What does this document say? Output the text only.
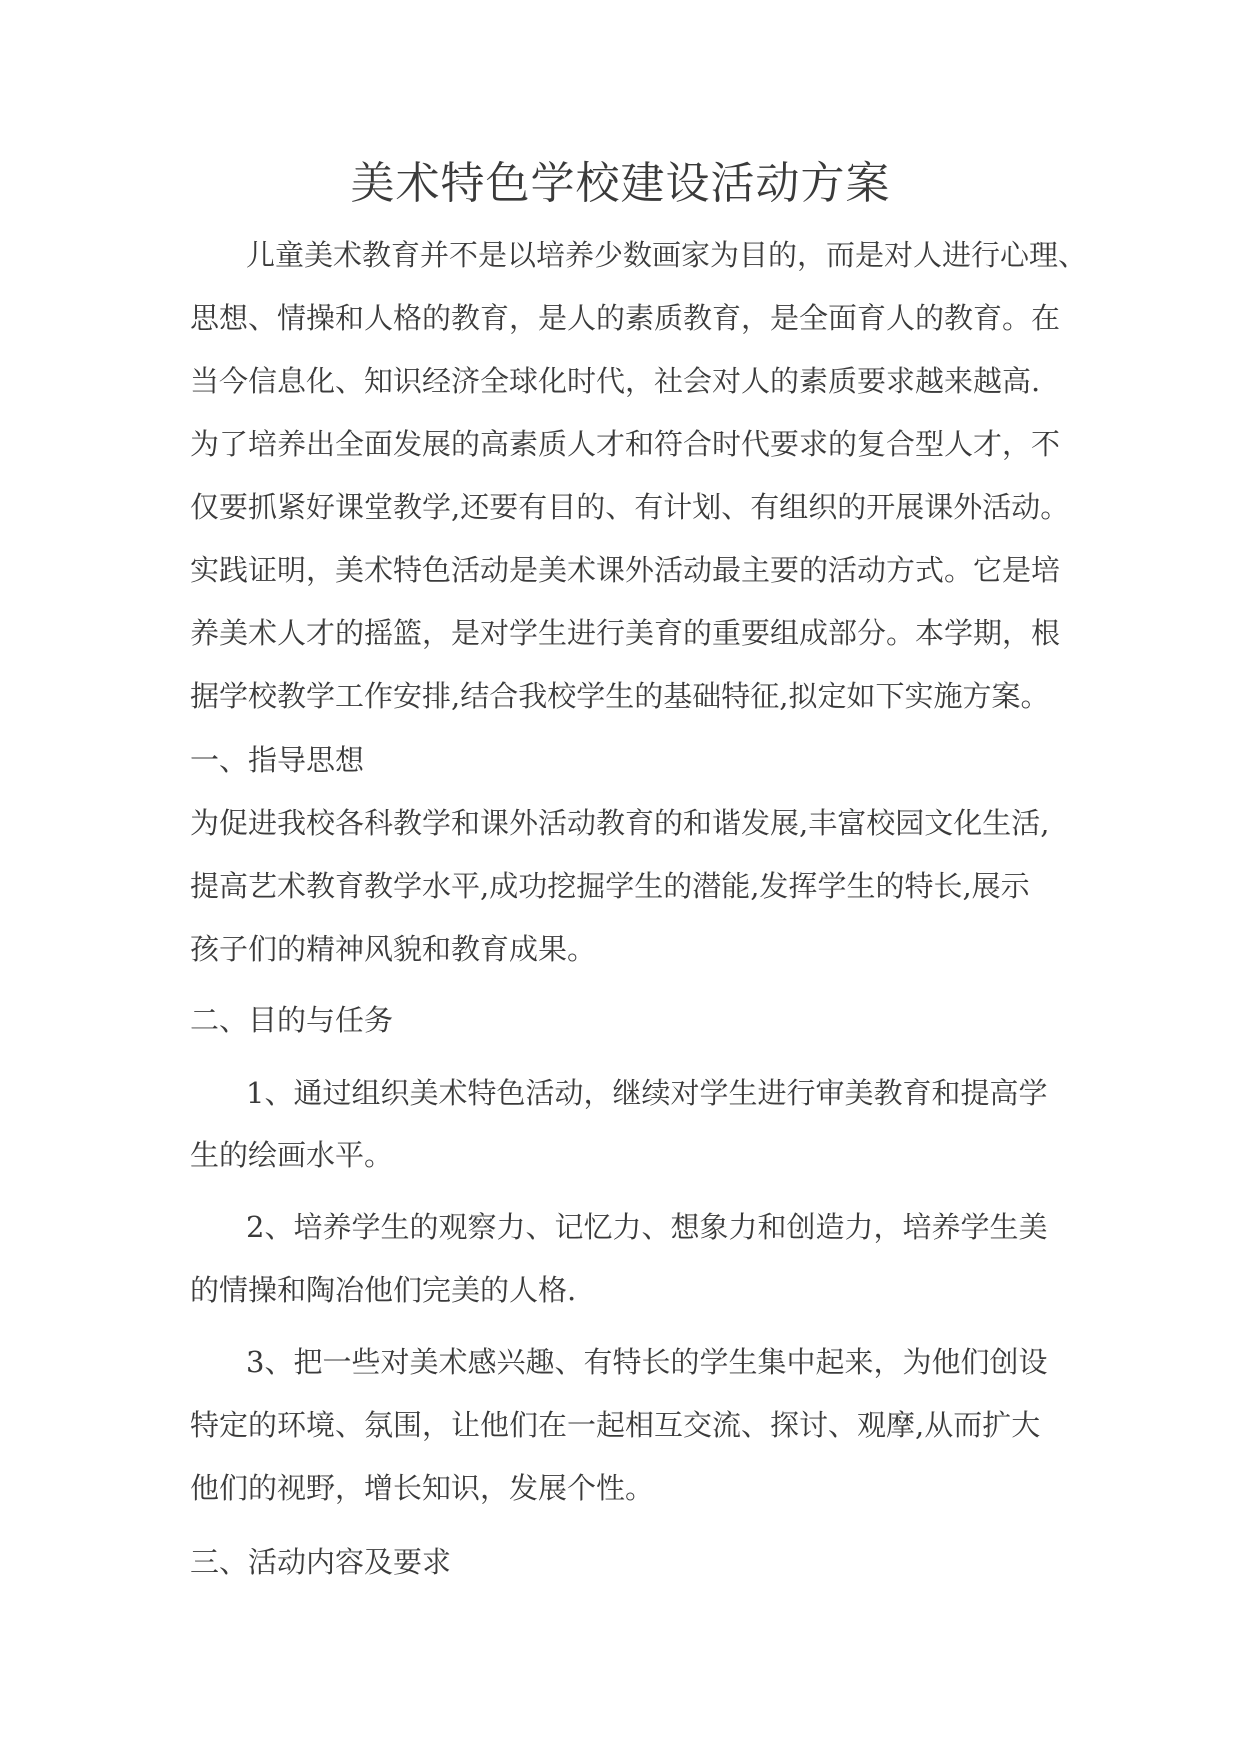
美术特色学校建设活动方案
儿童美术教育并不是以培养少数画家为目的，而是对人进行心理、
思想、情操和人格的教育，是人的素质教育，是全面育人的教育。在
当今信息化、知识经济全球化时代，社会对人的素质要求越来越高.
为了培养出全面发展的高素质人才和符合时代要求的复合型人才，不
仅要抓紧好课堂教学,还要有目的、有计划、有组织的开展课外活动。
实践证明，美术特色活动是美术课外活动最主要的活动方式。它是培
养美术人才的摇篮，是对学生进行美育的重要组成部分。本学期，根
据学校教学工作安排,结合我校学生的基础特征,拟定如下实施方案。
一、指导思想
为促进我校各科教学和课外活动教育的和谐发展,丰富校园文化生活,
提高艺术教育教学水平,成功挖掘学生的潜能,发挥学生的特长,展示
孩子们的精神风貌和教育成果。
二、目的与任务
1、通过组织美术特色活动，继续对学生进行审美教育和提高学
生的绘画水平。
2、培养学生的观察力、记忆力、想象力和创造力，培养学生美
的情操和陶冶他们完美的人格.
3、把一些对美术感兴趣、有特长的学生集中起来，为他们创设
特定的环境、氛围，让他们在一起相互交流、探讨、观摩,从而扩大
他们的视野，增长知识，发展个性。
三、活动内容及要求
